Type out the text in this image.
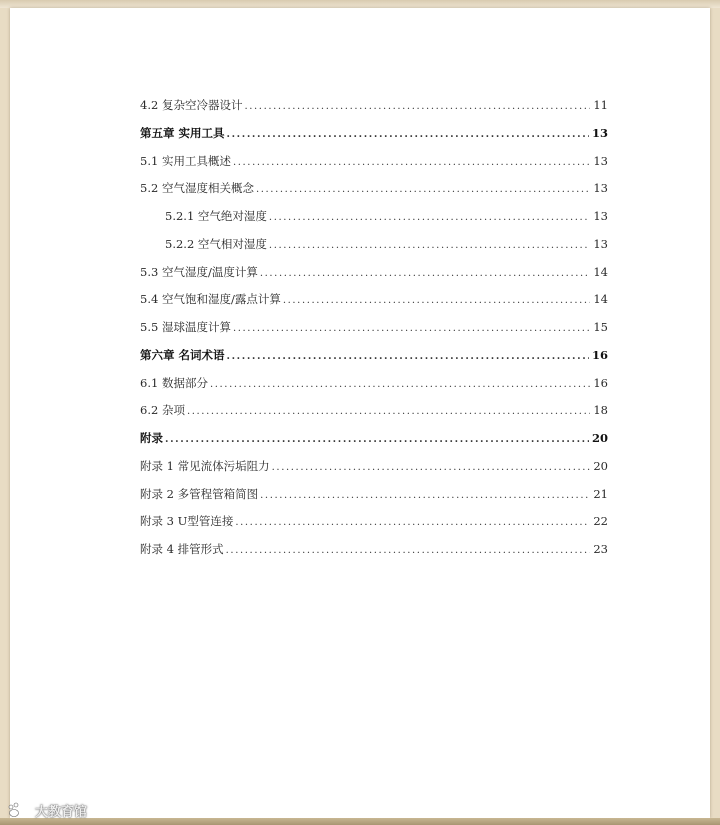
4.2 复杂空冷器设计 .....	11
第五章 实用工具 .....	13
5.1 实用工具概述 .....	13
5.2 空气湿度相关概念 .....	13
5.2.1 空气绝对湿度 .....	13
5.2.2 空气相对湿度 .....	13
5.3 空气湿度/温度计算 .....	14
5.4 空气饱和湿度/露点计算 .....	14
5.5 湿球温度计算 .....	15
第六章 名词术语 .....	16
6.1 数据部分 .....	16
6.2 杂项 .....	18
附录 .....	20
附录 1 常见流体污垢阻力 .....	20
附录 2 多管程管箱简图 .....	21
附录 3 U型管连接 .....	22
附录 4 排管形式 .....	23
大教育馆
